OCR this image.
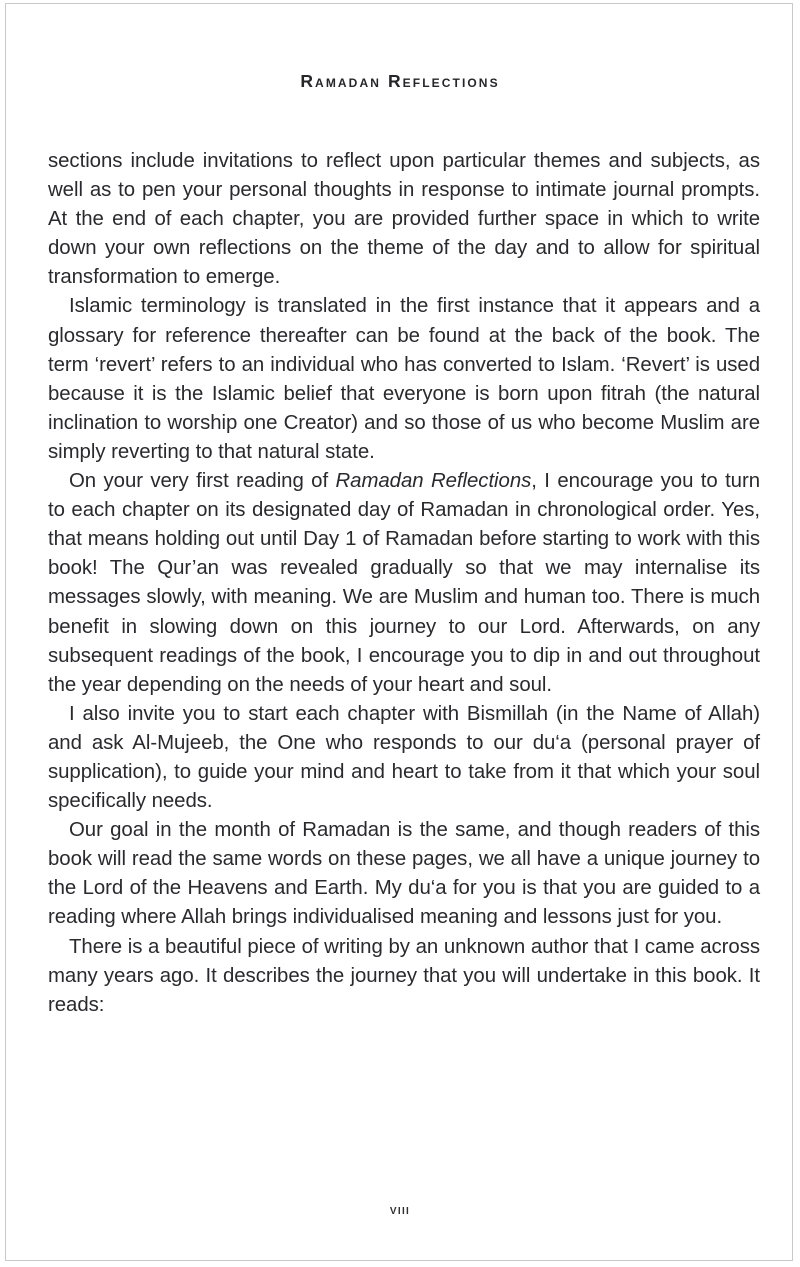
Ramadan Reflections

sections include invitations to reflect upon particular themes and subjects, as well as to pen your personal thoughts in response to intimate journal prompts. At the end of each chapter, you are provided further space in which to write down your own reflections on the theme of the day and to allow for spiritual transformation to emerge.

Islamic terminology is translated in the first instance that it appears and a glossary for reference thereafter can be found at the back of the book. The term ‘revert’ refers to an individual who has converted to Islam. ‘Revert’ is used because it is the Islamic belief that everyone is born upon fitrah (the natural inclination to worship one Creator) and so those of us who become Muslim are simply reverting to that natural state.

On your very first reading of Ramadan Reflections, I encourage you to turn to each chapter on its designated day of Ramadan in chronological order. Yes, that means holding out until Day 1 of Ramadan before starting to work with this book! The Qur’an was revealed gradually so that we may internalise its messages slowly, with meaning. We are Muslim and human too. There is much benefit in slowing down on this journey to our Lord. Afterwards, on any subsequent readings of the book, I encourage you to dip in and out throughout the year depending on the needs of your heart and soul.

I also invite you to start each chapter with Bismillah (in the Name of Allah) and ask Al-Mujeeb, the One who responds to our du‘a (personal prayer of supplication), to guide your mind and heart to take from it that which your soul specifically needs.

Our goal in the month of Ramadan is the same, and though readers of this book will read the same words on these pages, we all have a unique journey to the Lord of the Heavens and Earth. My du‘a for you is that you are guided to a reading where Allah brings individualised meaning and lessons just for you.

There is a beautiful piece of writing by an unknown author that I came across many years ago. It describes the journey that you will undertake in this book. It reads:

viii
